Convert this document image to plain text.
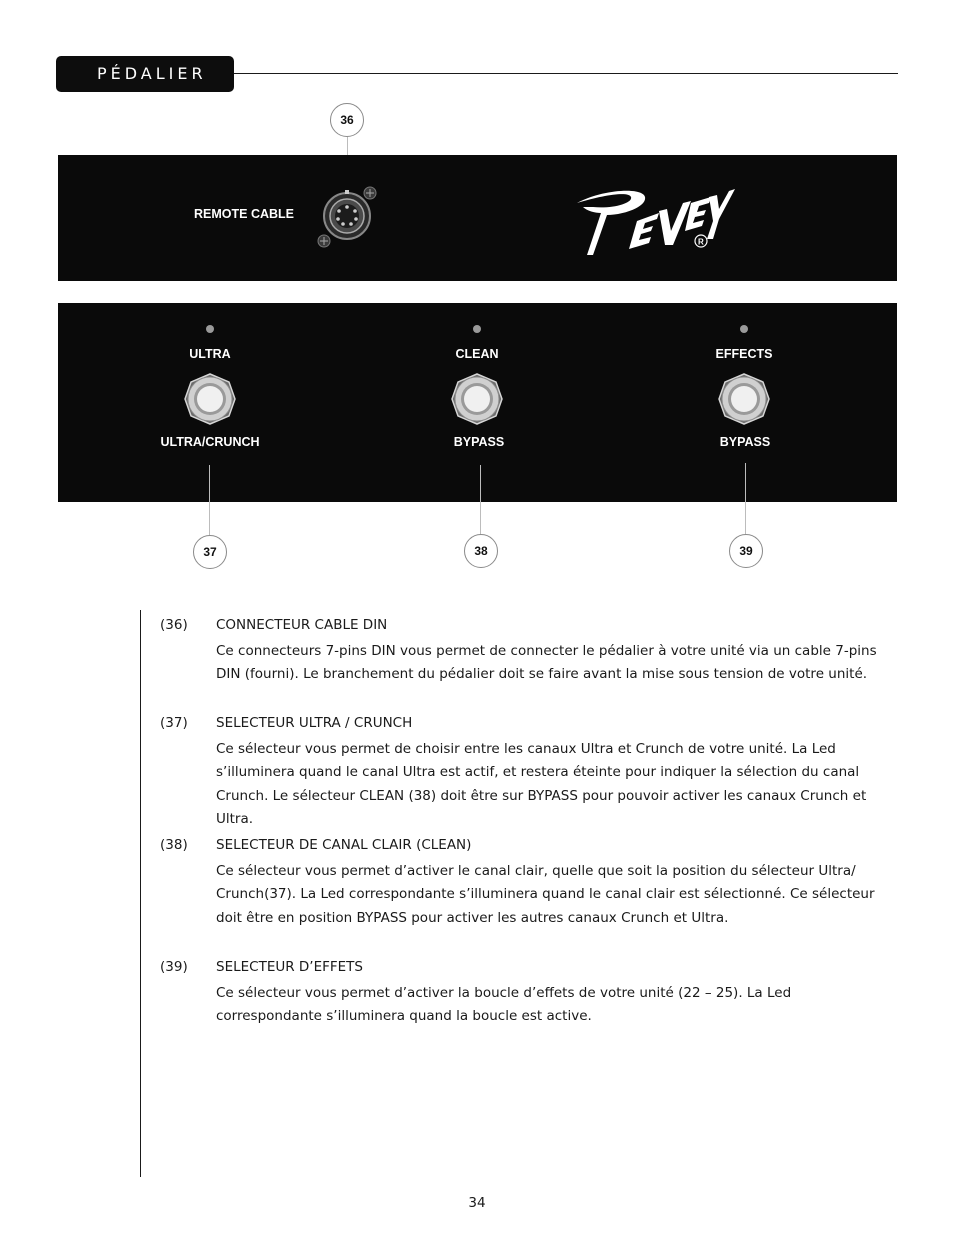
PÉDALIER
36
REMOTE CABLE
R
ULTRA
ULTRA/CRUNCH
CLEAN
BYPASS
EFFECTS
BYPASS
37	38	39
(36) CONNECTEUR CABLE DIN
Ce connecteurs 7-pins DIN vous permet de connecter le pédalier à votre unité via un cable 7-pins DIN (fourni). Le branchement du pédalier doit se faire avant la mise sous tension de votre unité.
(37) SELECTEUR ULTRA / CRUNCH
Ce sélecteur vous permet de choisir entre les canaux Ultra et Crunch de votre unité. La Led s’illuminera quand le canal Ultra est actif, et restera éteinte pour indiquer la sélection du canal Crunch. Le sélecteur CLEAN (38) doit être sur BYPASS pour pouvoir activer les canaux Crunch et Ultra.
(38) SELECTEUR DE CANAL CLAIR (CLEAN)
Ce sélecteur vous permet d’activer le canal clair, quelle que soit la position du sélecteur Ultra/ Crunch(37). La Led correspondante s’illuminera quand le canal clair est sélectionné. Ce sélecteur doit être en position BYPASS pour activer les autres canaux Crunch et Ultra.
(39) SELECTEUR D’EFFETS
Ce sélecteur vous permet d’activer la boucle d’effets de votre unité (22 – 25). La Led correspondante s’illuminera quand la boucle est active.
34
